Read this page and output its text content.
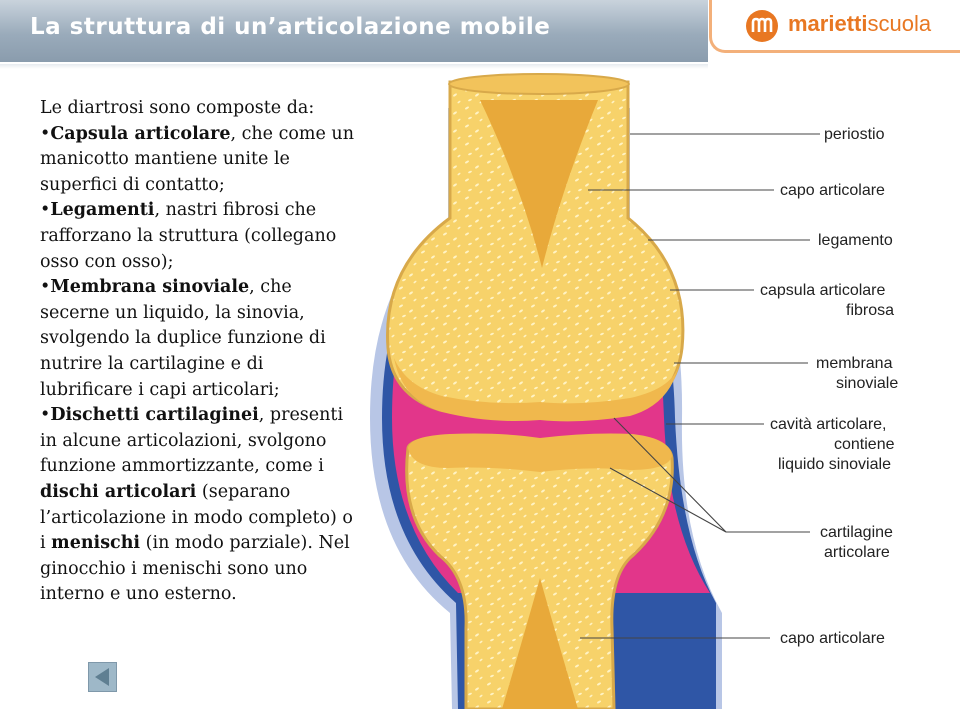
La struttura di un’articolazione mobile	mariettiscuola

Le diartrosi sono composte da:

•Capsula articolare, che come un manicotto mantiene unite le superfici di contatto;

•Legamenti, nastri fibrosi che rafforzano la struttura (collegano osso con osso);

•Membrana sinoviale, che secerne un liquido, la sinovia, svolgendo la duplice funzione di nutrire la cartilagine e di lubrificare i capi articolari;

•Dischetti cartilaginei, presenti in alcune articolazioni, svolgono funzione ammortizzante, come i dischi articolari (separano l’articolazione in modo completo) o i menischi (in modo parziale). Nel ginocchio i menischi sono uno interno e uno esterno.

periostio
capo articolare
legamento
capsula articolare
fibrosa
membrana
sinoviale
cavità articolare,
contiene
liquido sinoviale
cartilagine
articolare
capo articolare
